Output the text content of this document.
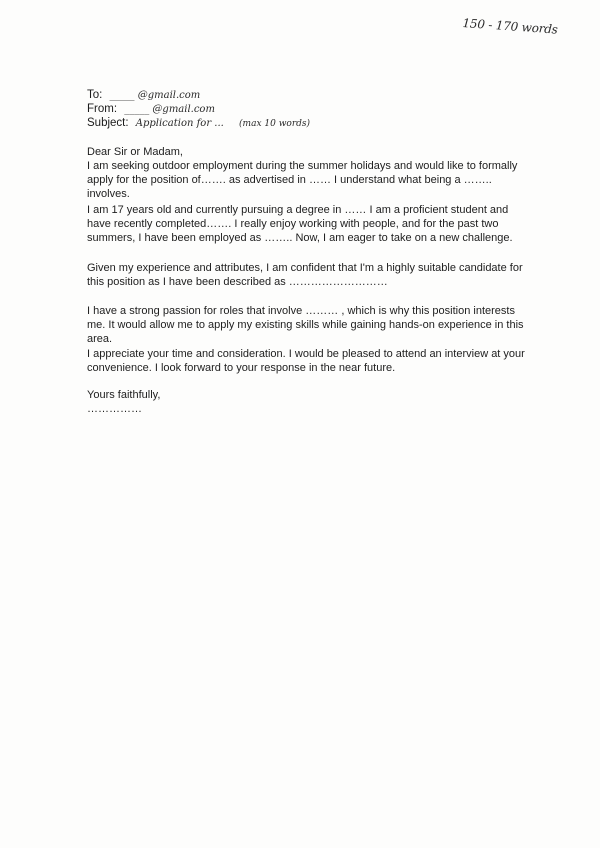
150 - 170 words
To: _____ @gmail.com
From: _____ @gmail.com
Subject: Application for ... (max 10 words)
Dear Sir or Madam,

I am seeking outdoor employment during the summer holidays and would like to formally apply for the position of……. as advertised in …… I understand what being a …….. involves.

I am 17 years old and currently pursuing a degree in …… I am a proficient student and have recently completed……. I really enjoy working with people, and for the past two summers, I have been employed as …….. Now, I am eager to take on a new challenge.

Given my experience and attributes, I am confident that I'm a highly suitable candidate for this position as I have been described as ………………………

I have a strong passion for roles that involve ……… , which is why this position interests me. It would allow me to apply my existing skills while gaining hands-on experience in this area.

I appreciate your time and consideration. I would be pleased to attend an interview at your convenience. I look forward to your response in the near future.

Yours faithfully,
……………
